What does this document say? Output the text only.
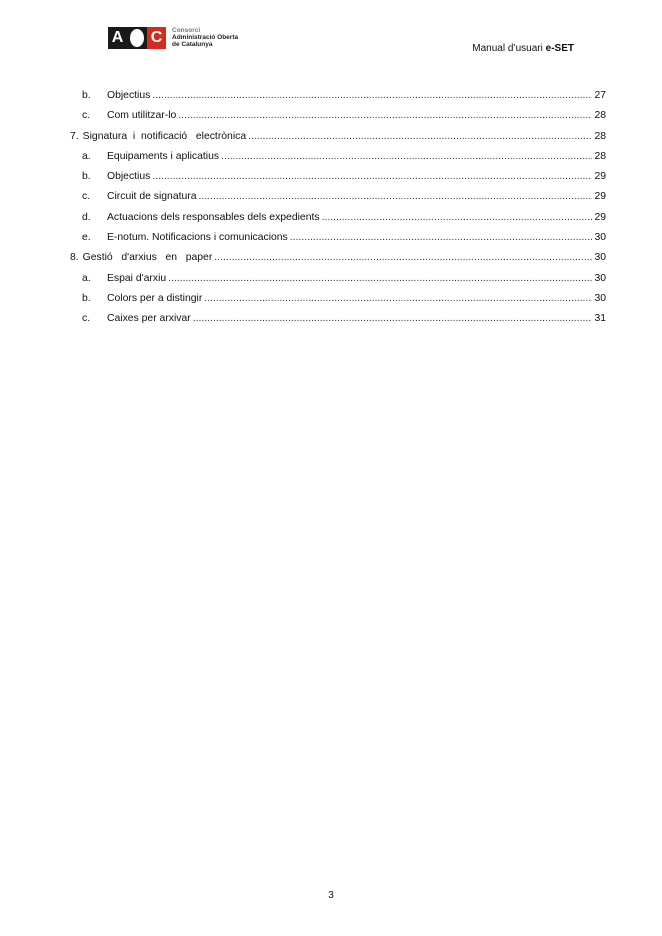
A C	Consorci
Administració Oberta
de Catalunya	Manual d’usuari e-SET
b.	Objectius .....	27
c.	Com utilitzar-lo .....	28
7. Signatura  i  notificació   electrònica .....	28
a.	Equipaments i aplicatius .....	28
b.	Objectius .....	29
c.	Circuit de signatura .....	29
d.	Actuacions dels responsables dels expedients .....	29
e.	E-notum. Notificacions i comunicacions .....	30
8. Gestió   d'arxius   en   paper .....	30
a.	Espai d'arxiu .....	30
b.	Colors per a distingir .....	30
c.	Caixes per arxivar .....	31
3
